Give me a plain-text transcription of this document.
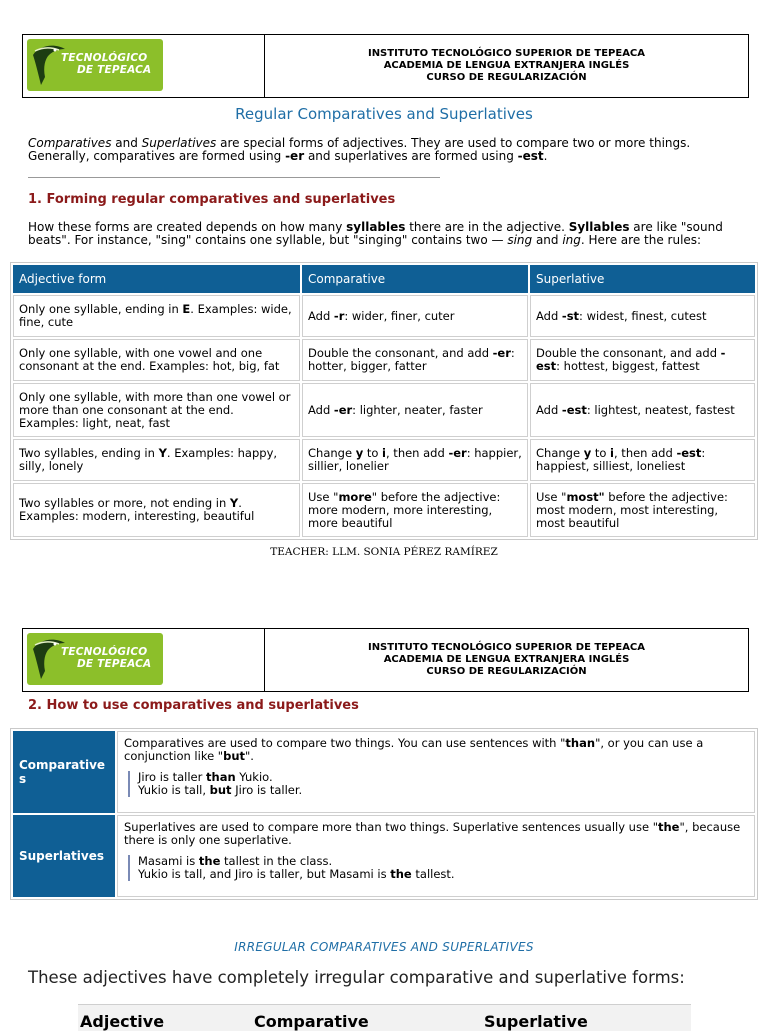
TECNOLÓGICO
DE TEPEACA
INSTITUTO TECNOLÓGICO SUPERIOR DE TEPEACA
ACADEMIA DE LENGUA EXTRANJERA INGLÉS
CURSO DE REGULARIZACIÓN
Regular Comparatives and Superlatives
Comparatives and Superlatives are special forms of adjectives. They are used to compare two or more things. Generally, comparatives are formed using -er and superlatives are formed using -est.
1. Forming regular comparatives and superlatives
How these forms are created depends on how many syllables there are in the adjective. Syllables are like "sound beats". For instance, "sing" contains one syllable, but "singing" contains two — sing and ing. Here are the rules:
Adjective form	Comparative	Superlative
Only one syllable, ending in E. Examples: wide, fine, cute	Add -r: wider, finer, cuter	Add -st: widest, finest, cutest
Only one syllable, with one vowel and one consonant at the end. Examples: hot, big, fat	Double the consonant, and add -er: hotter, bigger, fatter	Double the consonant, and add -est: hottest, biggest, fattest
Only one syllable, with more than one vowel or more than one consonant at the end. Examples: light, neat, fast	Add -er: lighter, neater, faster	Add -est: lightest, neatest, fastest
Two syllables, ending in Y. Examples: happy, silly, lonely	Change y to i, then add -er: happier, sillier, lonelier	Change y to i, then add -est: happiest, silliest, loneliest
Two syllables or more, not ending in Y. Examples: modern, interesting, beautiful	Use "more" before the adjective: more modern, more interesting, more beautiful	Use "most" before the adjective: most modern, most interesting, most beautiful
TEACHER: LLM. SONIA PÉREZ RAMÍREZ
TECNOLÓGICO
DE TEPEACA
INSTITUTO TECNOLÓGICO SUPERIOR DE TEPEACA
ACADEMIA DE LENGUA EXTRANJERA INGLÉS
CURSO DE REGULARIZACIÓN
2. How to use comparatives and superlatives
Comparative s	Comparatives are used to compare two things. You can use sentences with "than", or you can use a conjunction like "but".
Jiro is taller than Yukio.
Yukio is tall, but Jiro is taller.

Superlatives	Superlatives are used to compare more than two things. Superlative sentences usually use "the", because there is only one superlative.
Masami is the tallest in the class.
Yukio is tall, and Jiro is taller, but Masami is the tallest.
IRREGULAR COMPARATIVES AND SUPERLATIVES
These adjectives have completely irregular comparative and superlative forms:
Adjective	Comparative	Superlative
